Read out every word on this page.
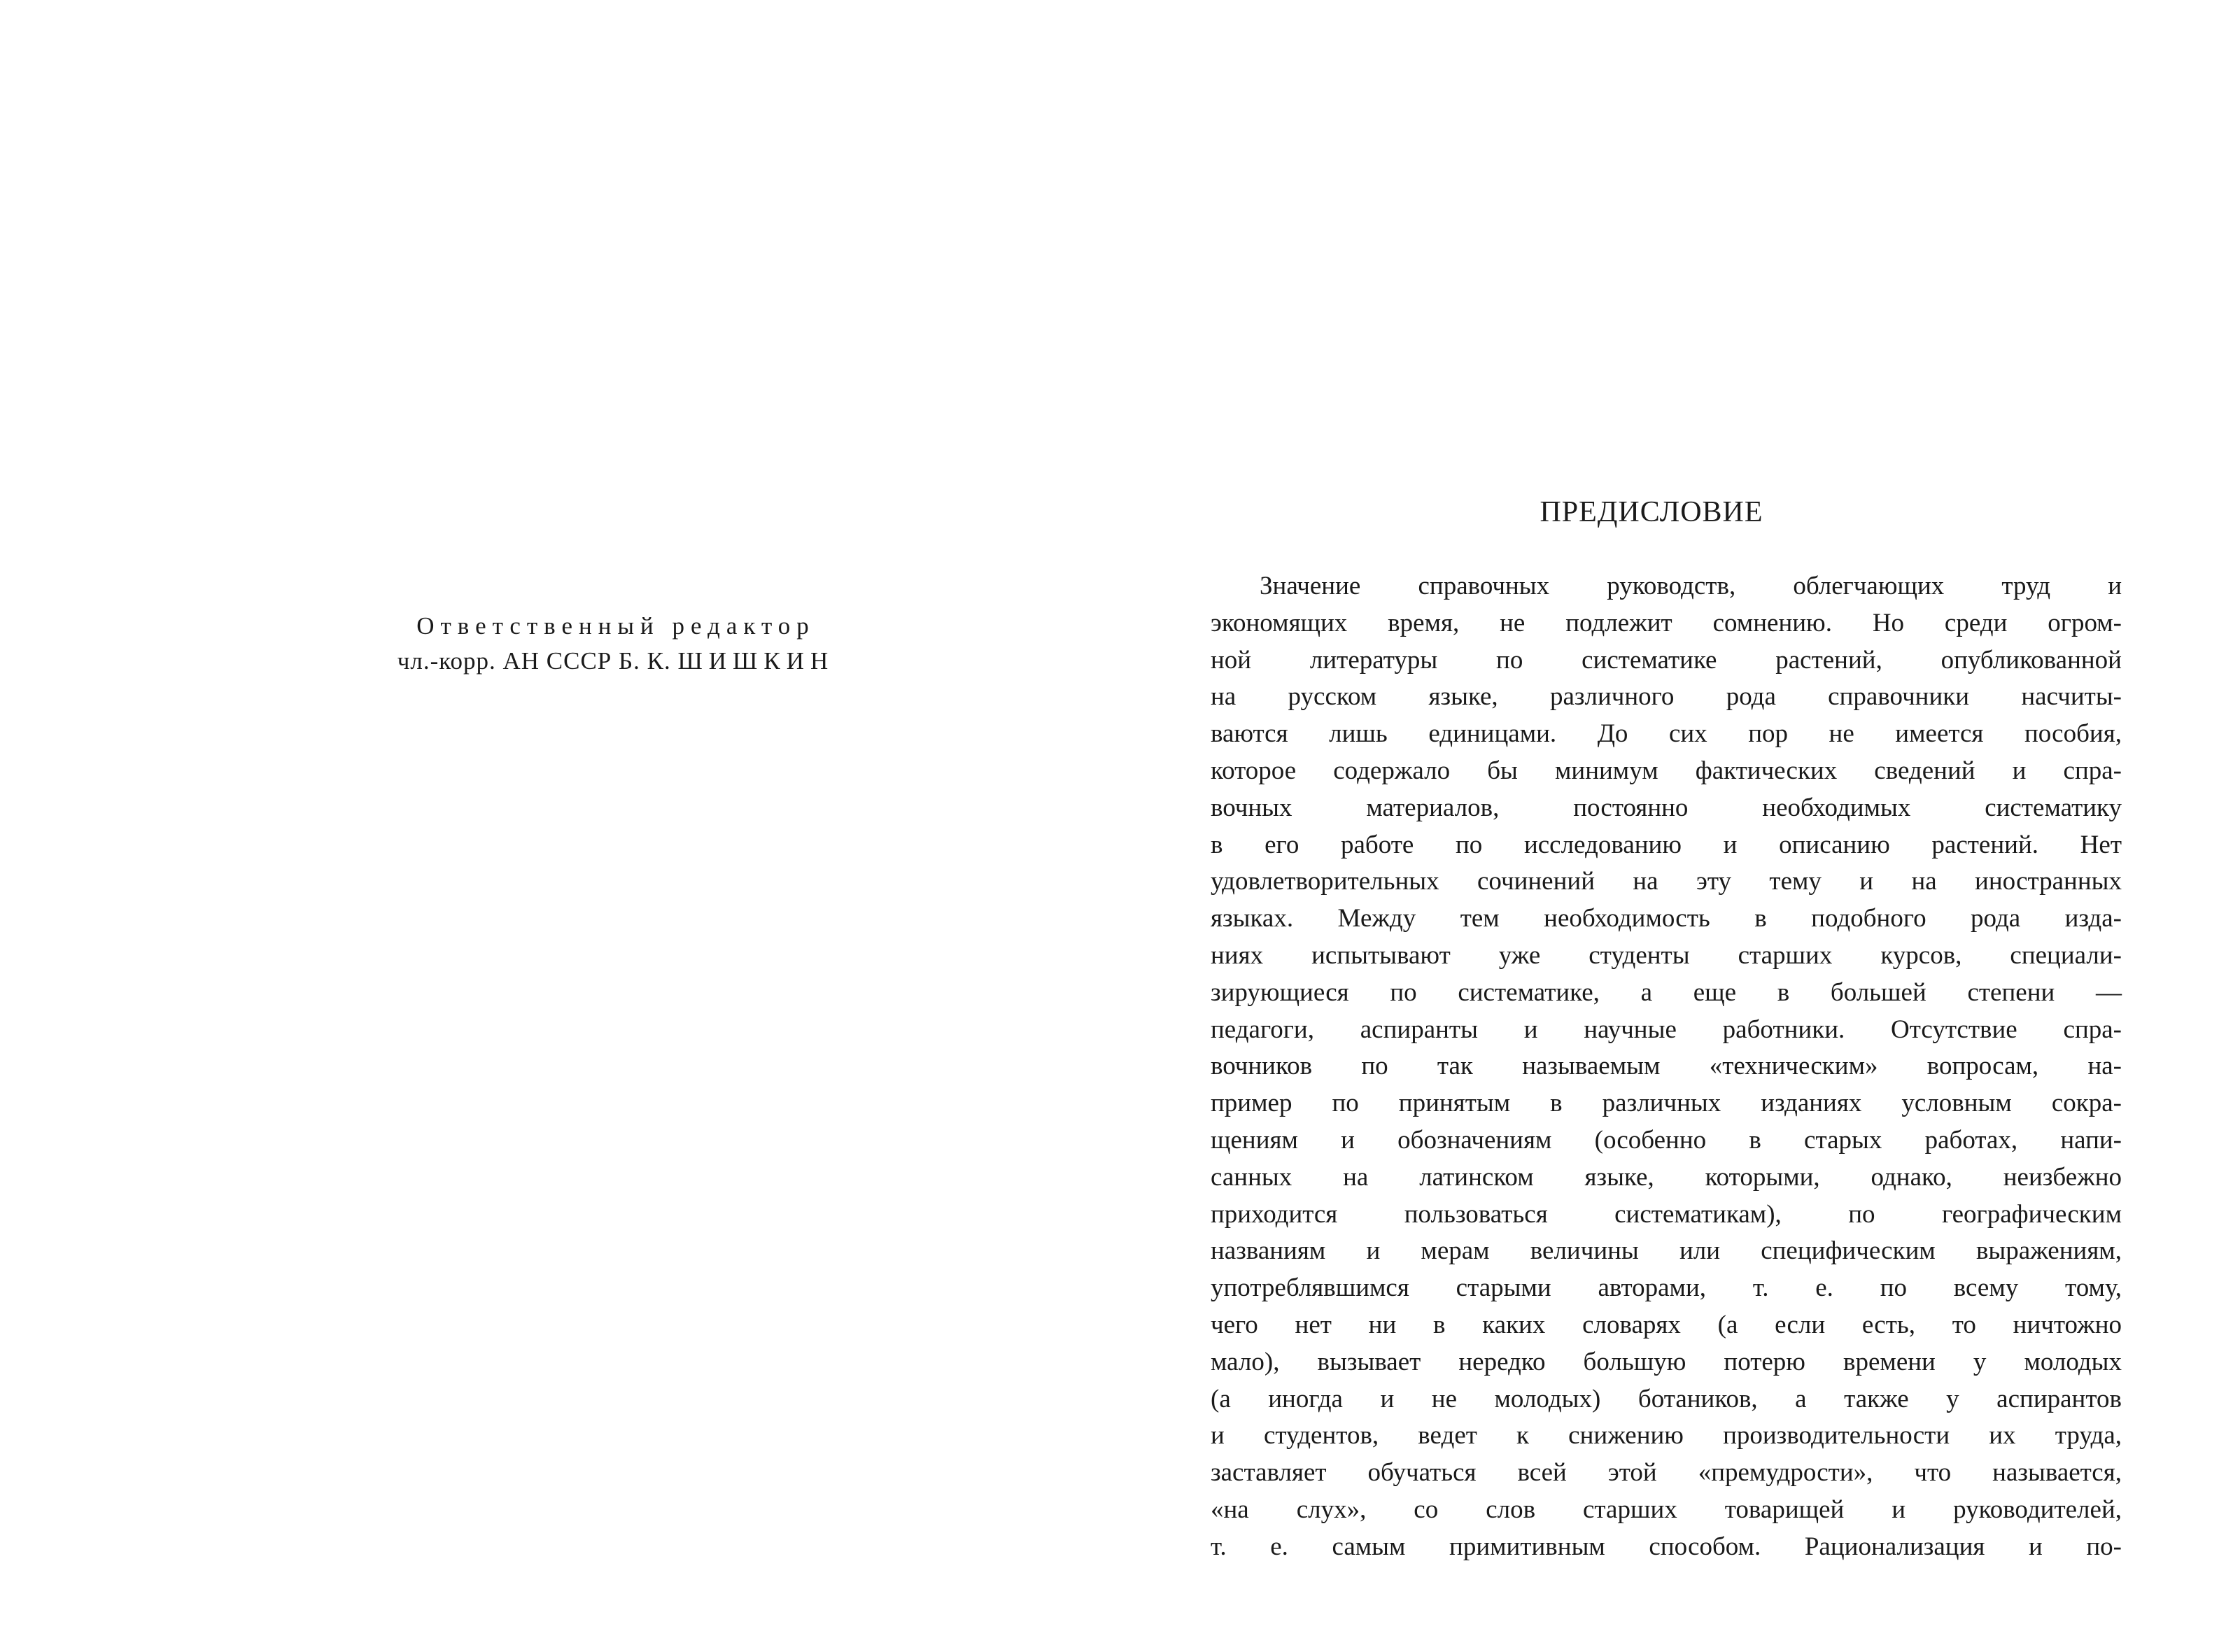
Ответственный редактор

чл.-корр. АН СССР Б. К. ШИШКИН

ПРЕДИСЛОВИЕ
Значение справочных руководств, облегчающих труд и
экономящих время, не подлежит сомнению. Но среди огром-
ной литературы по систематике растений, опубликованной
на русском языке, различного рода справочники насчиты-
ваются лишь единицами. До сих пор не имеется пособия,
которое содержало бы минимум фактических сведений и спра-
вочных материалов, постоянно необходимых систематику
в его работе по исследованию и описанию растений. Нет
удовлетворительных сочинений на эту тему и на иностранных
языках. Между тем необходимость в подобного рода изда-
ниях испытывают уже студенты старших курсов, специали-
зирующиеся по систематике, а еще в большей степени —
педагоги, аспиранты и научные работники. Отсутствие спра-
вочников по так называемым «техническим» вопросам, на-
пример по принятым в различных изданиях условным сокра-
щениям и обозначениям (особенно в старых работах, напи-
санных на латинском языке, которыми, однако, неизбежно
приходится пользоваться систематикам), по географическим
названиям и мерам величины или специфическим выражениям,
употреблявшимся старыми авторами, т. е. по всему тому,
чего нет ни в каких словарях (а если есть, то ничтожно
мало), вызывает нередко большую потерю времени у молодых
(а иногда и не молодых) ботаников, а также у аспирантов
и студентов, ведет к снижению производительности их труда,
заставляет обучаться всей этой «премудрости», что называется,
«на слух», со слов старших товарищей и руководителей,
т. е. самым примитивным способом. Рационализация и по-
